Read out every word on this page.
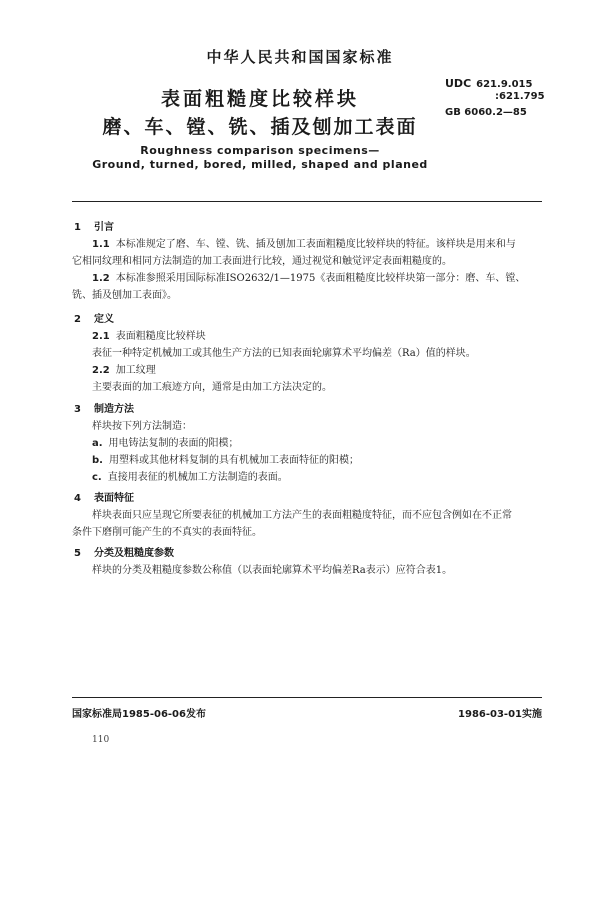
中华人民共和国国家标准
表面粗糙度比较样块
磨、车、镗、铣、插及刨加工表面
Roughness comparison specimens—
Ground, turned, bored, milled, shaped and planed
UDC 621.9.015
:621.795
GB 6060.2—85
1 引言
1.1 本标准规定了磨、车、镗、铣、插及刨加工表面粗糙度比较样块的特征。该样块是用来和与
它相同纹理和相同方法制造的加工表面进行比较，通过视觉和触觉评定表面粗糙度的。
1.2 本标准参照采用国际标准ISO2632/1—1975《表面粗糙度比较样块第一部分：磨、车、镗、
铣、插及刨加工表面》。
2 定义
2.1 表面粗糙度比较样块
表征一种特定机械加工或其他生产方法的已知表面轮廓算术平均偏差（Ra）值的样块。
2.2 加工纹理
主要表面的加工痕迹方向，通常是由加工方法决定的。
3 制造方法
样块按下列方法制造：
a. 用电铸法复制的表面的阳模；
b. 用塑料或其他材料复制的具有机械加工表面特征的阳模；
c. 直接用表征的机械加工方法制造的表面。
4 表面特征
样块表面只应呈现它所要表征的机械加工方法产生的表面粗糙度特征，而不应包含例如在不正常
条件下磨削可能产生的不真实的表面特征。
5 分类及粗糙度参数
样块的分类及粗糙度参数公称值（以表面轮廓算术平均偏差Ra表示）应符合表1。
国家标准局1985-06-06发布	1986-03-01实施
110
